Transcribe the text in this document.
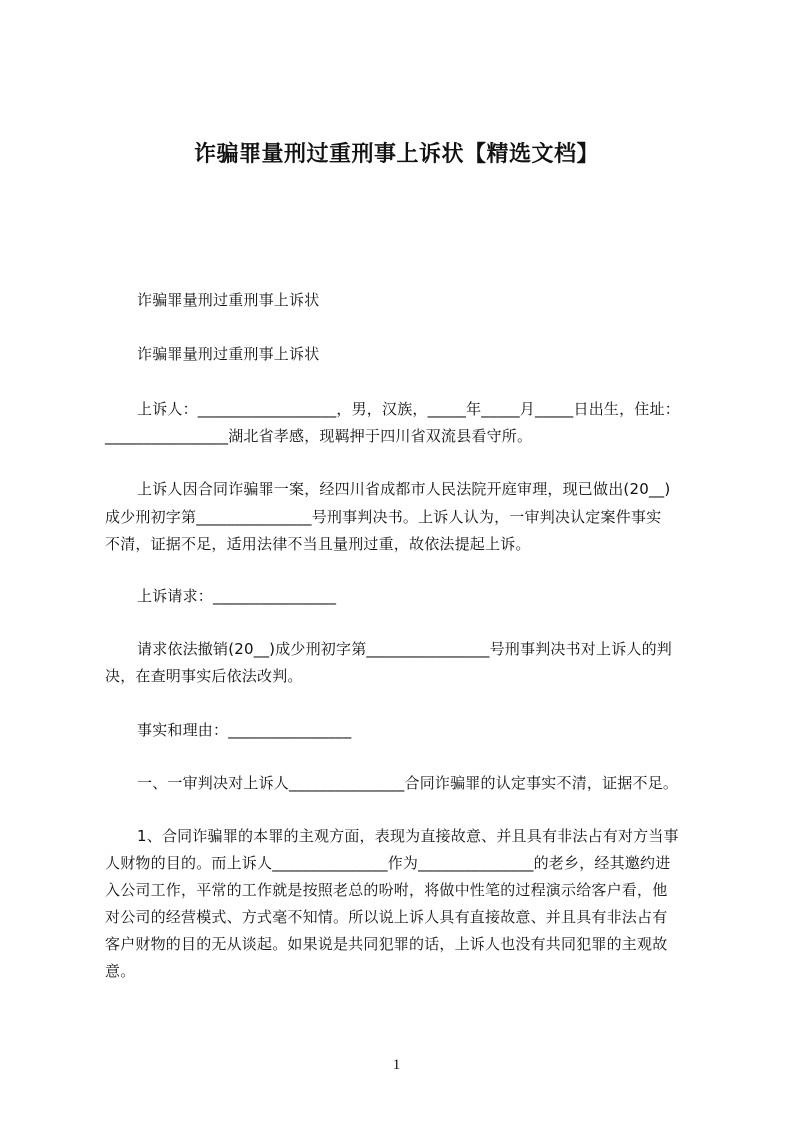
诈骗罪量刑过重刑事上诉状【精选文档】
诈骗罪量刑过重刑事上诉状
诈骗罪量刑过重刑事上诉状
上诉人：__________________，男，汉族，_____年_____月_____日出生，住址：
________________湖北省孝感，现羁押于四川省双流县看守所。
上诉人因合同诈骗罪一案，经四川省成都市人民法院开庭审理，现已做出(20__)
成少刑初字第_______________号刑事判决书。上诉人认为，一审判决认定案件事实
不清，证据不足，适用法律不当且量刑过重，故依法提起上诉。
上诉请求：________________
请求依法撤销(20__)成少刑初字第________________号刑事判决书对上诉人的判
决，在查明事实后依法改判。
事实和理由：________________
一、一审判决对上诉人_______________合同诈骗罪的认定事实不清，证据不足。
1、合同诈骗罪的本罪的主观方面，表现为直接故意、并且具有非法占有对方当事
人财物的目的。而上诉人_______________作为_______________的老乡，经其邀约进
入公司工作，平常的工作就是按照老总的吩咐，将做中性笔的过程演示给客户看，他
对公司的经营模式、方式毫不知情。所以说上诉人具有直接故意、并且具有非法占有
客户财物的目的无从谈起。如果说是共同犯罪的话，上诉人也没有共同犯罪的主观故
意。
1
